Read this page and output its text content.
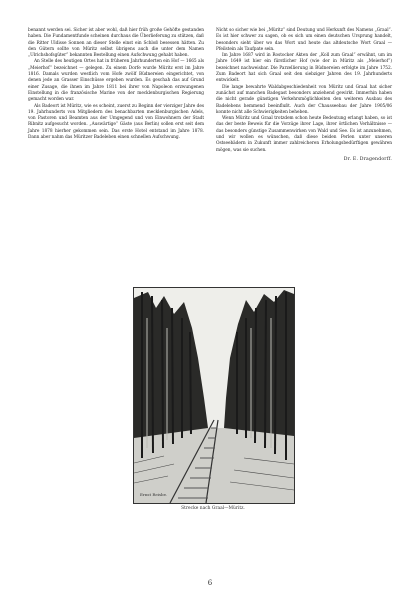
benannt werden sei. Sicher ist aber wohl, daß hier früh große Gehöfte gestanden haben. Die Fundamentfunde scheinen durchaus die Überlieferung zu stützen, daß die Ritter Uldisse Sonnen an dieser Stelle einst ein Schloß besessen hätten. Zu den Gütern sollte von Müritz selbst übrigens auch die unter dem Namen „Ulrichshofsgüter“ bekannten Bestellung einen Aufschwung gehabt haben.

An Stelle des heutigen Ortes hat in früheren Jahrhunderten ein Hof — 1665 als „Meierhof“ bezeichnet — gelegen. Zu einem Dorfe wurde Müritz erst im Jahre 1816. Damals wurden westlich vom Hofe zwölf Büdnereien eingerichtet, von denen jede an Grasser Einschüsse ergeben wurden. Es geschah das auf Grund einer Zusage, die ihnen im Jahre 1811 bei ihrer von Napoleon erzwungenen Einstellung in die französische Marine von der mecklenburgischen Regierung gemacht worden war.

Als Badeort ist Müritz, wie es scheint, zuerst zu Beginn der vierziger Jahre des 19. Jahrhunderts von Mitgliedern des benachbarten mecklenburgischen Adels, von Pastoren und Beamten aus der Umgegend und von Einwohnern der Stadt Ribnitz aufgesucht worden. „Auswärtige“ Gäste (aus Berlin) sollen erst seit dem Jahre 1878 hierher gekommen sein. Das erste Hotel entstand im Jahre 1878. Dann aber nahm das Müritzer Badeleben einen schnellen Aufschwung.

Nicht so sicher wie bei „Müritz“ sind Deutung und Herkunft des Namens „Graal“. Es ist hier schwer zu sagen, ob es sich um einen deutschen Ursprung handelt, besonders sieht über wo das Wort und heute das altdeutsche Wort Graal — Pfeilstein als Taufpate sein.

Im Jahre 1687 wird in Rostocker Akten der „Koll zum Graal“ erwähnt, um im Jahre 1649 ist hier ein fürstlicher Hof (wie der in Müritz als „Meierhof“) bezeichnet nachweisbar. Die Parzellierung in Büdnereien erfolgte im Jahre 1752. Zum Badeort hat sich Graal seit den siebziger Jahren des 19. Jahrhunderts entwickelt.

Die lange bewahrte Waldabgeschiedenheit von Müritz und Graal hat sicher zunächst auf manchen Badegast besonders anziehend gewirkt. Immerhin haben die nicht gerade günstigen Verkehrsmöglichkeiten den weiteren Ausbau des Badelebens hemmend beeinflußt. Auch der Chausseebau der Jahre 1905/06 konnte nicht alle Schwierigkeiten beheben.

Wenn Müritz und Graal trotzdem schon heute Bedeutung erlangt haben, so ist das der beste Beweis für die Vorzüge ihrer Lage, ihrer örtlichen Verhältnisse — das besonders günstige Zusammenwirken von Wald und See. Es ist anzunehmen, und wir wollen es wünschen, daß diese beiden Perlen unter unseren Ostseebädern in Zukunft immer zahlreicheren Erholungsbedürftigen gewähren mögen, was sie suchen.

Dr. E. Dragendorff.
Ernst Reisbe.
Strecke nach Graal—Müritz.
6
